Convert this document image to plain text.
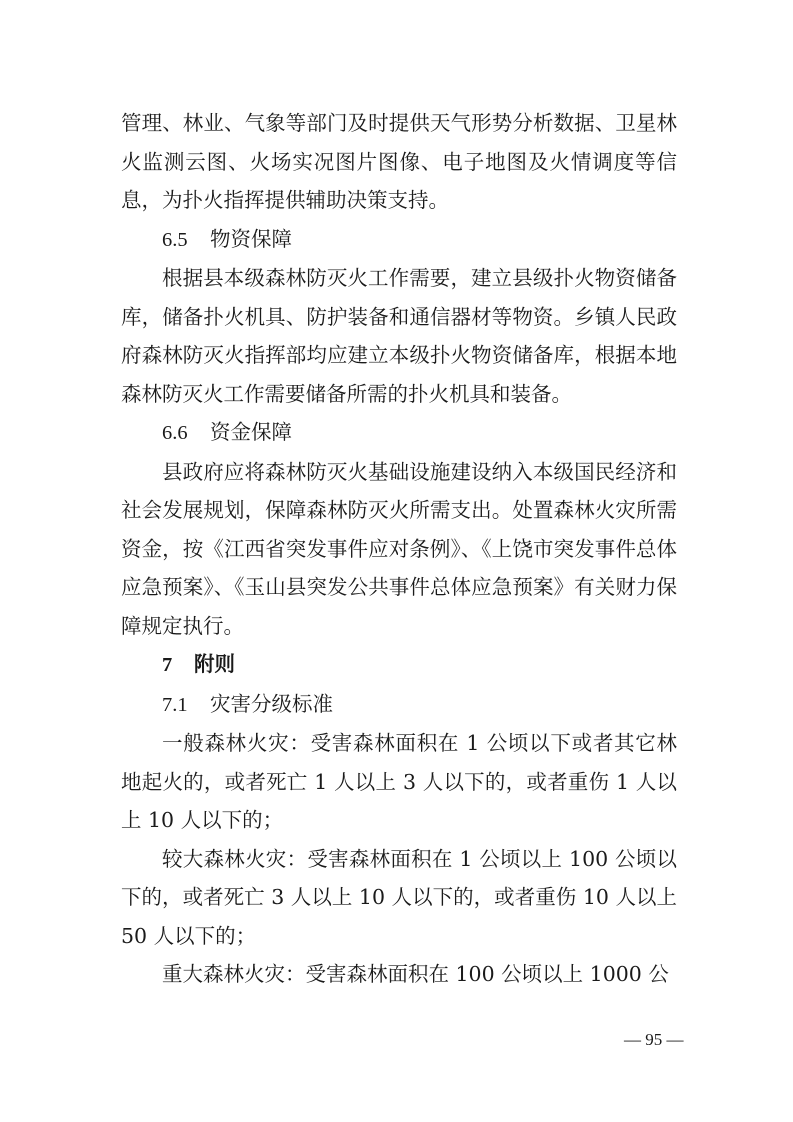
管理、林业、气象等部门及时提供天气形势分析数据、卫星林火监测云图、火场实况图片图像、电子地图及火情调度等信息，为扑火指挥提供辅助决策支持。

6.5 物资保障

根据县本级森林防灭火工作需要，建立县级扑火物资储备库，储备扑火机具、防护装备和通信器材等物资。乡镇人民政府森林防灭火指挥部均应建立本级扑火物资储备库，根据本地森林防灭火工作需要储备所需的扑火机具和装备。

6.6 资金保障

县政府应将森林防灭火基础设施建设纳入本级国民经济和社会发展规划，保障森林防灭火所需支出。处置森林火灾所需资金，按《江西省突发事件应对条例》、《上饶市突发事件总体应急预案》、《玉山县突发公共事件总体应急预案》有关财力保障规定执行。

7 附则

7.1 灾害分级标准

一般森林火灾：受害森林面积在 1 公顷以下或者其它林地起火的，或者死亡 1 人以上 3 人以下的，或者重伤 1 人以上 10 人以下的；

较大森林火灾：受害森林面积在 1 公顷以上 100 公顷以下的，或者死亡 3 人以上 10 人以下的，或者重伤 10 人以上 50 人以下的；

重大森林火灾：受害森林面积在 100 公顷以上 1000 公

— 95 —
